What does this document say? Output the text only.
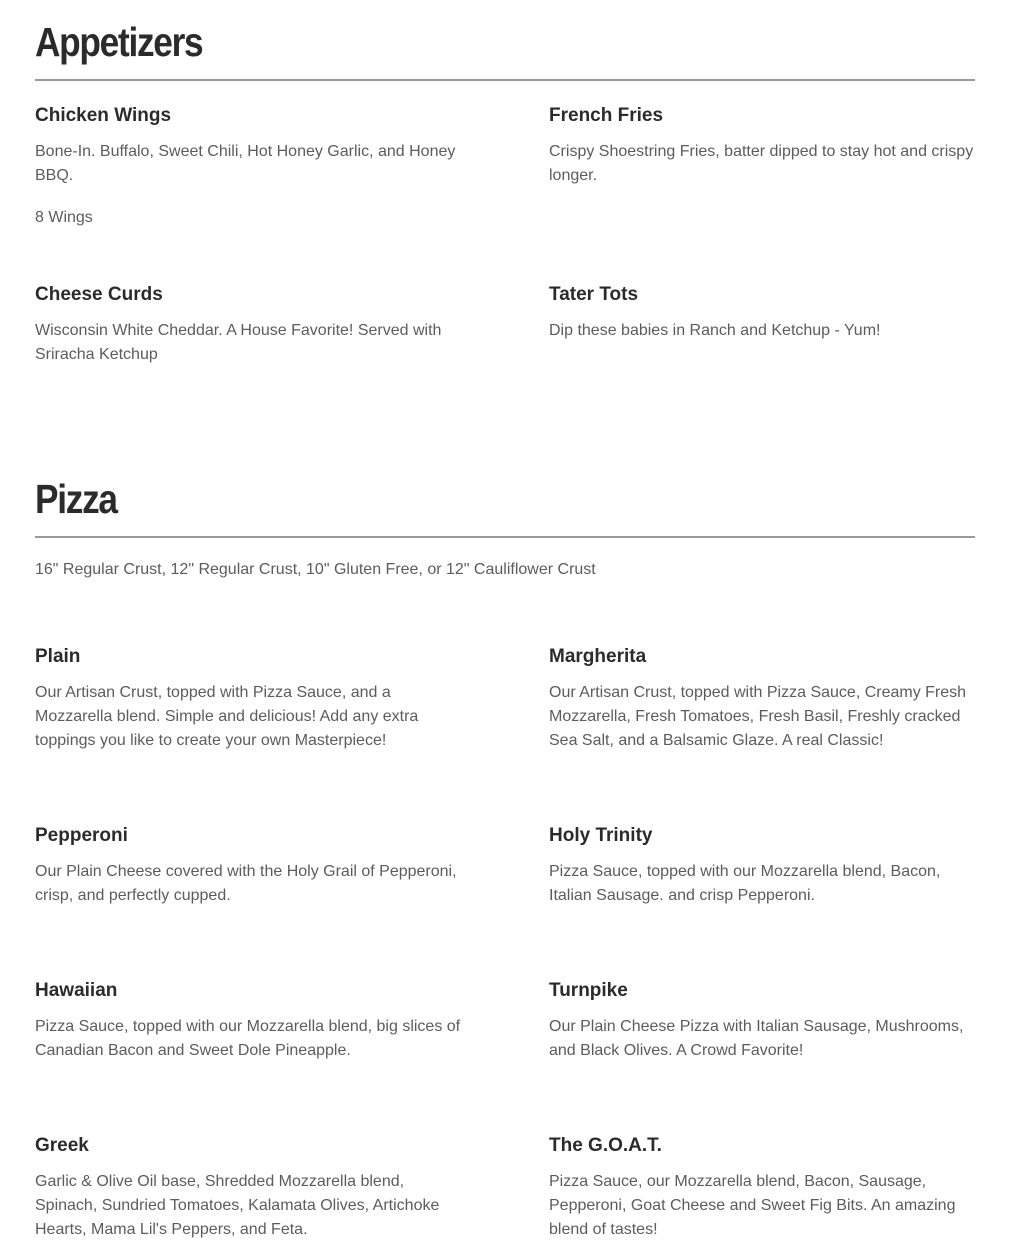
Appetizers
Chicken Wings

Bone-In. Buffalo, Sweet Chili, Hot Honey Garlic, and Honey BBQ.

8 Wings

French Fries

Crispy Shoestring Fries, batter dipped to stay hot and crispy longer.

Cheese Curds

Wisconsin White Cheddar. A House Favorite! Served with Sriracha Ketchup

Tater Tots

Dip these babies in Ranch and Ketchup - Yum!

Pizza

16" Regular Crust, 12" Regular Crust, 10" Gluten Free, or 12" Cauliflower Crust

Plain

Our Artisan Crust, topped with Pizza Sauce, and a Mozzarella blend. Simple and delicious! Add any extra toppings you like to create your own Masterpiece!

Margherita

Our Artisan Crust, topped with Pizza Sauce, Creamy Fresh Mozzarella, Fresh Tomatoes, Fresh Basil, Freshly cracked Sea Salt, and a Balsamic Glaze. A real Classic!

Pepperoni

Our Plain Cheese covered with the Holy Grail of Pepperoni, crisp, and perfectly cupped.

Holy Trinity

Pizza Sauce, topped with our Mozzarella blend, Bacon, Italian Sausage. and crisp Pepperoni.

Hawaiian

Pizza Sauce, topped with our Mozzarella blend, big slices of Canadian Bacon and Sweet Dole Pineapple.

Turnpike

Our Plain Cheese Pizza with Italian Sausage, Mushrooms, and Black Olives. A Crowd Favorite!

Greek

Garlic & Olive Oil base, Shredded Mozzarella blend, Spinach, Sundried Tomatoes, Kalamata Olives, Artichoke Hearts, Mama Lil's Peppers, and Feta.

The G.O.A.T.

Pizza Sauce, our Mozzarella blend, Bacon, Sausage, Pepperoni, Goat Cheese and Sweet Fig Bits. An amazing blend of tastes!
